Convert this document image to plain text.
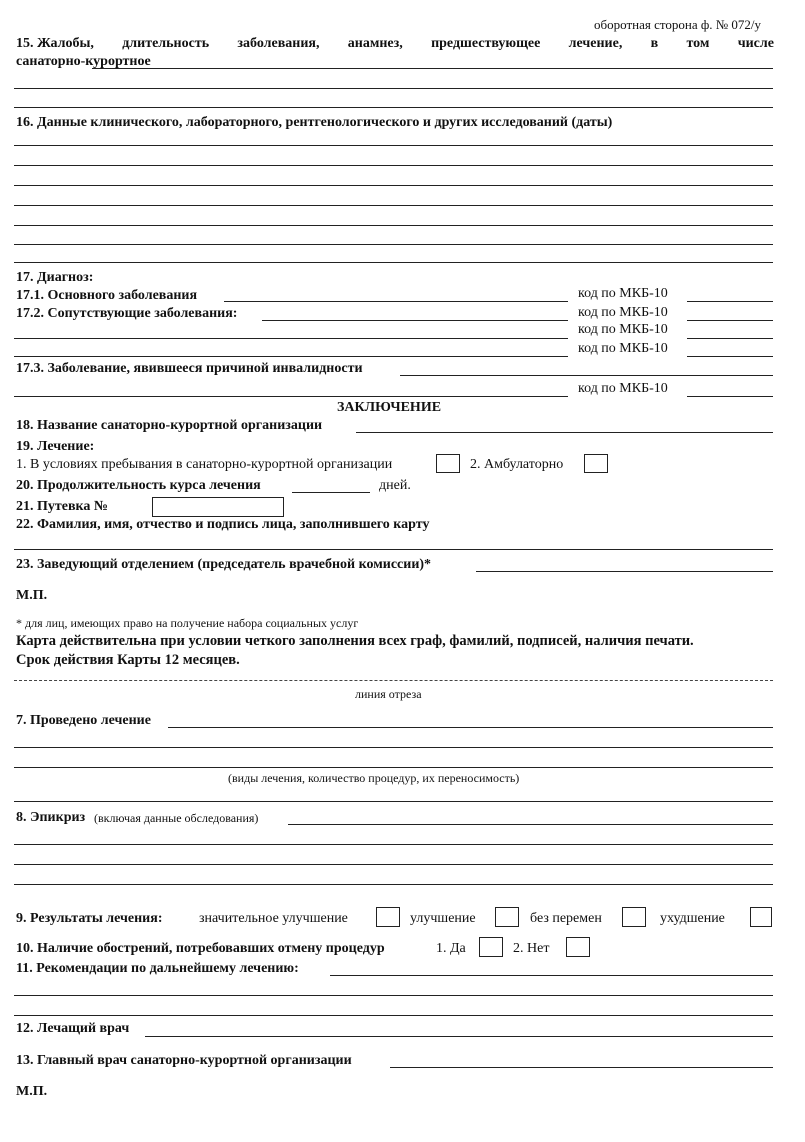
оборотная сторона ф. № 072/у
15. Жалобы, длительность заболевания, анамнез, предшествующее лечение, в том числе
санаторно-курортное
16. Данные клинического, лабораторного, рентгенологического и других исследований (даты)
17. Диагноз:
17.1. Основного заболевания	код по МКБ-10
17.2. Сопутствующие заболевания:	код по МКБ-10
код по МКБ-10
код по МКБ-10
17.3. Заболевание, явившееся причиной инвалидности
код по МКБ-10
ЗАКЛЮЧЕНИЕ
18. Название санаторно-курортной организации
19. Лечение:
1. В условиях пребывания в санаторно-курортной организации	2. Амбулаторно
20. Продолжительность курса лечения	дней.
21. Путевка №
22. Фамилия, имя, отчество и подпись лица, заполнившего карту
23. Заведующий отделением (председатель врачебной комиссии)*
М.П.
* для лиц, имеющих право на получение набора социальных услуг
Карта действительна при условии четкого заполнения всех граф, фамилий, подписей, наличия печати.
Срок действия Карты 12 месяцев.
линия отреза
7. Проведено лечение
(виды лечения, количество процедур, их переносимость)
8. Эпикриз (включая данные обследования)
9. Результаты лечения:	значительное улучшение	улучшение	без перемен	ухудшение
10. Наличие обострений, потребовавших отмену процедур	1. Да	2. Нет
11. Рекомендации по дальнейшему лечению:
12. Лечащий врач
13. Главный врач санаторно-курортной организации
М.П.
